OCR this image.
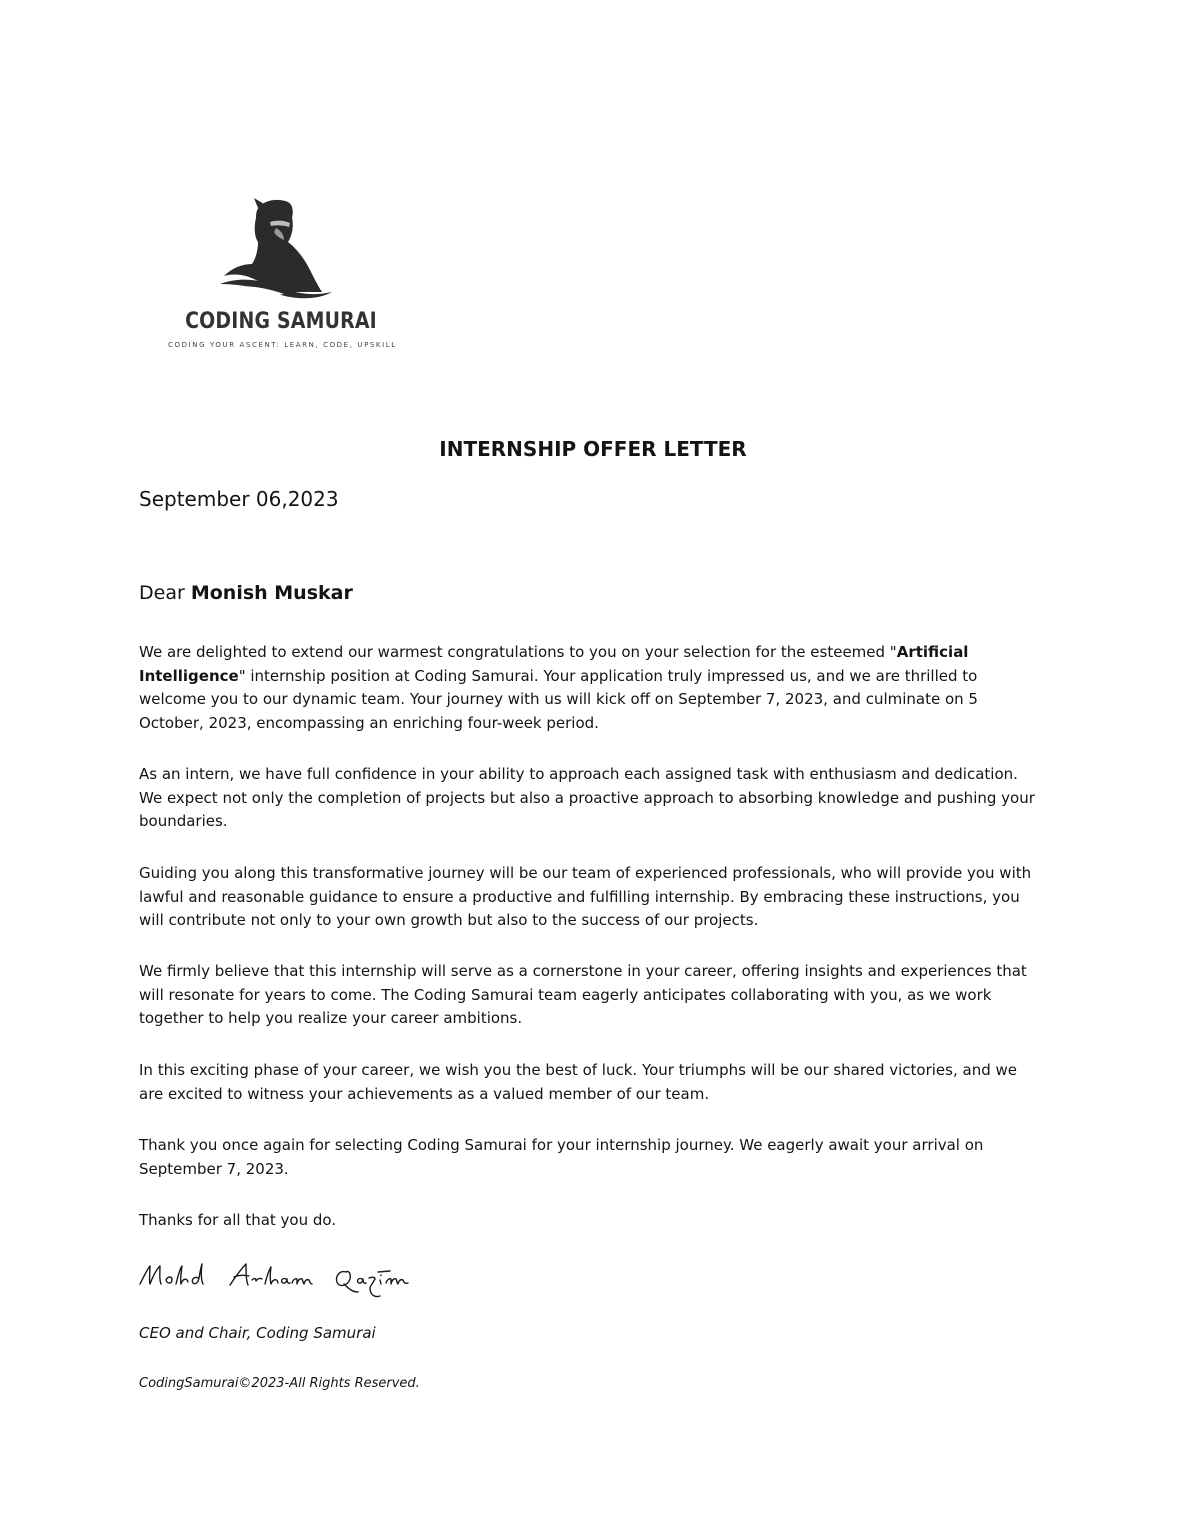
CODING SAMURAI
CODING YOUR ASCENT: LEARN, CODE, UPSKILL
INTERNSHIP OFFER LETTER
September 06,2023
Dear Monish Muskar

We are delighted to extend our warmest congratulations to you on your selection for the esteemed "Artificial Intelligence" internship position at Coding Samurai. Your application truly impressed us, and we are thrilled to welcome you to our dynamic team. Your journey with us will kick off on September 7, 2023, and culminate on 5 October, 2023, encompassing an enriching four-week period.

As an intern, we have full confidence in your ability to approach each assigned task with enthusiasm and dedication. We expect not only the completion of projects but also a proactive approach to absorbing knowledge and pushing your boundaries.

Guiding you along this transformative journey will be our team of experienced professionals, who will provide you with lawful and reasonable guidance to ensure a productive and fulfilling internship. By embracing these instructions, you will contribute not only to your own growth but also to the success of our projects.

We firmly believe that this internship will serve as a cornerstone in your career, offering insights and experiences that will resonate for years to come. The Coding Samurai team eagerly anticipates collaborating with you, as we work together to help you realize your career ambitions.

In this exciting phase of your career, we wish you the best of luck. Your triumphs will be our shared victories, and we are excited to witness your achievements as a valued member of our team.

Thank you once again for selecting Coding Samurai for your internship journey. We eagerly await your arrival on September 7, 2023.

Thanks for all that you do.

CEO and Chair, Coding Samurai
CodingSamurai©2023-All Rights Reserved.
